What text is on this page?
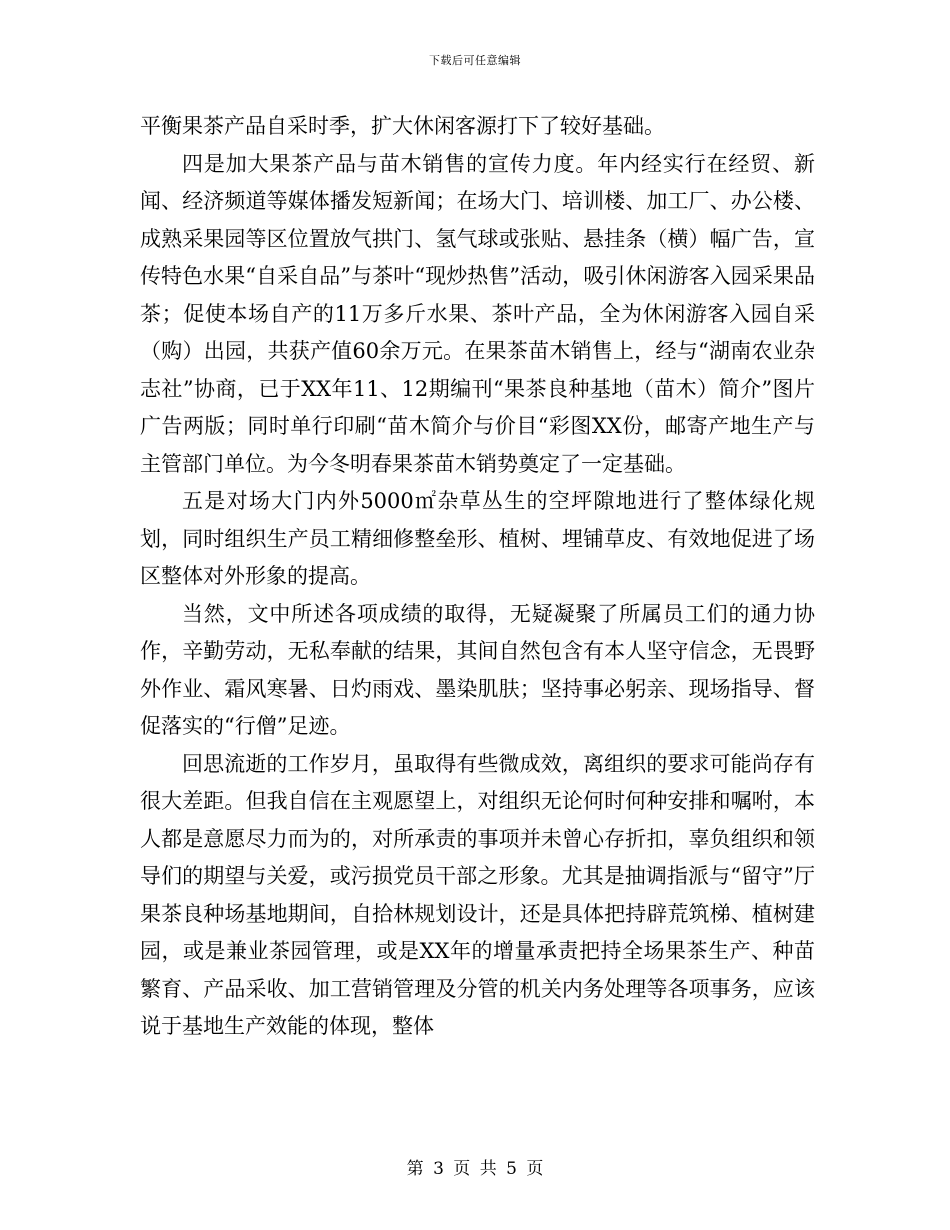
下载后可任意编辑

平衡果茶产品自采时季，扩大休闲客源打下了较好基础。

四是加大果茶产品与苗木销售的宣传力度。年内经实行在经贸、新闻、经济频道等媒体播发短新闻；在场大门、培训楼、加工厂、办公楼、成熟采果园等区位置放气拱门、氢气球或张贴、悬挂条（横）幅广告，宣传特色水果“自采自品”与茶叶“现炒热售”活动，吸引休闲游客入园采果品茶；促使本场自产的11万多斤水果、茶叶产品，全为休闲游客入园自采（购）出园，共获产值60余万元。在果茶苗木销售上，经与“湖南农业杂志社”协商，已于XX年11、12期编刊“果茶良种基地（苗木）简介”图片广告两版；同时单行印刷“苗木简介与价目“彩图XX份，邮寄产地生产与主管部门单位。为今冬明春果茶苗木销势奠定了一定基础。

五是对场大门内外5000㎡杂草丛生的空坪隙地进行了整体绿化规划，同时组织生产员工精细修整垒形、植树、埋铺草皮、有效地促进了场区整体对外形象的提高。

当然，文中所述各项成绩的取得，无疑凝聚了所属员工们的通力协作，辛勤劳动，无私奉献的结果，其间自然包含有本人坚守信念，无畏野外作业、霜风寒暑、日灼雨戏、墨染肌肤；坚持事必躬亲、现场指导、督促落实的“行僧”足迹。

回思流逝的工作岁月，虽取得有些微成效，离组织的要求可能尚存有很大差距。但我自信在主观愿望上，对组织无论何时何种安排和嘱咐，本人都是意愿尽力而为的，对所承责的事项并未曾心存折扣，辜负组织和领导们的期望与关爱，或污损党员干部之形象。尤其是抽调指派与“留守”厅果茶良种场基地期间，自拾林规划设计，还是具体把持辟荒筑梯、植树建园，或是兼业茶园管理，或是XX年的增量承责把持全场果茶生产、种苗繁育、产品采收、加工营销管理及分管的机关内务处理等各项事务，应该说于基地生产效能的体现，整体

第 3 页 共 5 页
